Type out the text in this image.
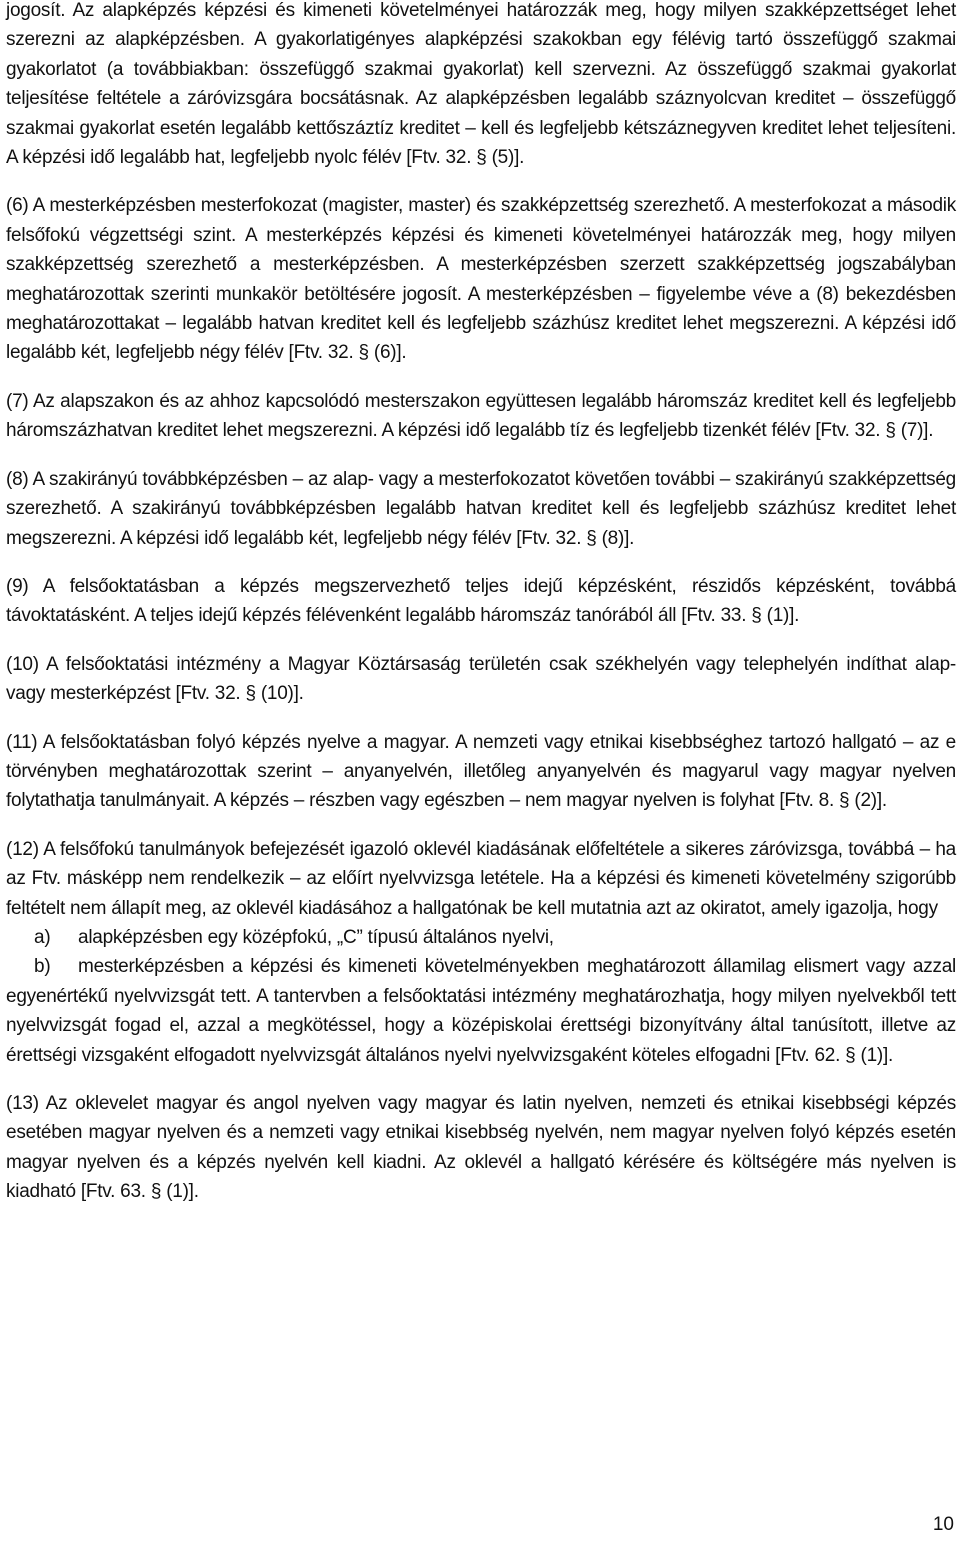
jogosít. Az alapképzés képzési és kimeneti követelményei határozzák meg, hogy milyen szakképzettséget lehet szerezni az alapképzésben. A gyakorlatigényes alapképzési szakokban egy félévig tartó összefüggő szakmai gyakorlatot (a továbbiakban: összefüggő szakmai gyakorlat) kell szervezni. Az összefüggő szakmai gyakorlat teljesítése feltétele a záróvizsgára bocsátásnak. Az alapképzésben legalább száznyolcvan kreditet – összefüggő szakmai gyakorlat esetén legalább kettőszáztíz kreditet – kell és legfeljebb kétszáznegyven kreditet lehet teljesíteni. A képzési idő legalább hat, legfeljebb nyolc félév [Ftv. 32. § (5)].

(6) A mesterképzésben mesterfokozat (magister, master) és szakképzettség szerezhető. A mesterfokozat a második felsőfokú végzettségi szint. A mesterképzés képzési és kimeneti követelményei határozzák meg, hogy milyen szakképzettség szerezhető a mesterképzésben. A mesterképzésben szerzett szakképzettség jogszabályban meghatározottak szerinti munkakör betöltésére jogosít. A mesterképzésben – figyelembe véve a (8) bekezdésben meghatározottakat – legalább hatvan kreditet kell és legfeljebb százhúsz kreditet lehet megszerezni. A képzési idő legalább két, legfeljebb négy félév [Ftv. 32. § (6)].

(7) Az alapszakon és az ahhoz kapcsolódó mesterszakon együttesen legalább háromszáz kreditet kell és legfeljebb háromszázhatvan kreditet lehet megszerezni. A képzési idő legalább tíz és legfeljebb tizenkét félév [Ftv. 32. § (7)].

(8) A szakirányú továbbképzésben – az alap- vagy a mesterfokozatot követően további – szakirányú szakképzettség szerezhető. A szakirányú továbbképzésben legalább hatvan kreditet kell és legfeljebb százhúsz kreditet lehet megszerezni. A képzési idő legalább két, legfeljebb négy félév [Ftv. 32. § (8)].

(9) A felsőoktatásban a képzés megszervezhető teljes idejű képzésként, részidős képzésként, továbbá távoktatásként. A teljes idejű képzés félévenként legalább háromszáz tanórából áll [Ftv. 33. § (1)].

(10) A felsőoktatási intézmény a Magyar Köztársaság területén csak székhelyén vagy telephelyén indíthat alap- vagy mesterképzést [Ftv. 32. § (10)].

(11) A felsőoktatásban folyó képzés nyelve a magyar. A nemzeti vagy etnikai kisebbséghez tartozó hallgató – az e törvényben meghatározottak szerint – anyanyelvén, illetőleg anyanyelvén és magyarul vagy magyar nyelven folytathatja tanulmányait. A képzés – részben vagy egészben – nem magyar nyelven is folyhat [Ftv. 8. § (2)].

(12) A felsőfokú tanulmányok befejezését igazoló oklevél kiadásának előfeltétele a sikeres záróvizsga, továbbá – ha az Ftv. másképp nem rendelkezik – az előírt nyelvvizsga letétele. Ha a képzési és kimeneti követelmény szigorúbb feltételt nem állapít meg, az oklevél kiadásához a hallgatónak be kell mutatnia azt az okiratot, amely igazolja, hogy

a) alapképzésben egy középfokú, „C” típusú általános nyelvi,

b) mesterképzésben a képzési és kimeneti követelményekben meghatározott államilag elismert vagy azzal egyenértékű nyelvvizsgát tett. A tantervben a felsőoktatási intézmény meghatározhatja, hogy milyen nyelvekből tett nyelvvizsgát fogad el, azzal a megkötéssel, hogy a középiskolai érettségi bizonyítvány által tanúsított, illetve az érettségi vizsgaként elfogadott nyelvvizsgát általános nyelvi nyelvvizsgaként köteles elfogadni [Ftv. 62. § (1)].

(13) Az oklevelet magyar és angol nyelven vagy magyar és latin nyelven, nemzeti és etnikai kisebbségi képzés esetében magyar nyelven és a nemzeti vagy etnikai kisebbség nyelvén, nem magyar nyelven folyó képzés esetén magyar nyelven és a képzés nyelvén kell kiadni. Az oklevél a hallgató kérésére és költségére más nyelven is kiadható [Ftv. 63. § (1)].

10
